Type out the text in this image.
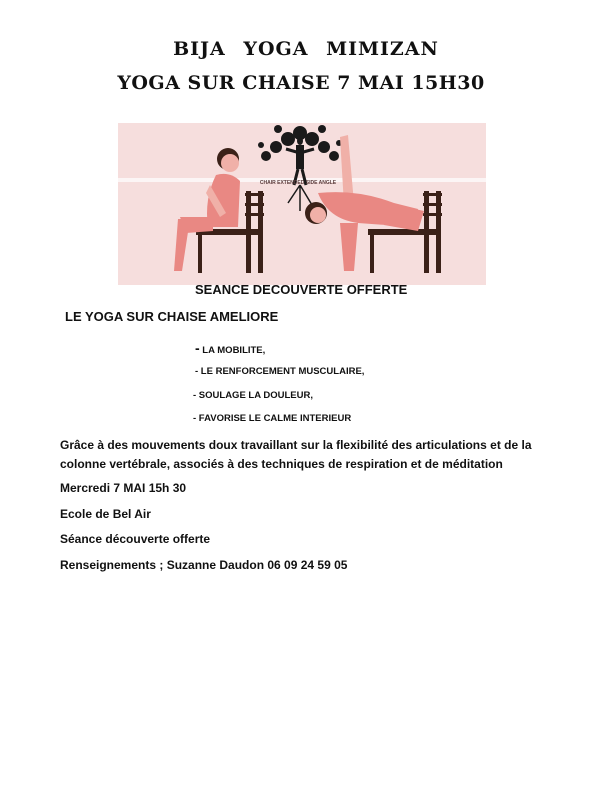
BIJA YOGA MIMIZAN
YOGA SUR CHAISE 7 MAI 15H30
CHAIR EXTENDED SIDE ANGLE
SEANCE DECOUVERTE OFFERTE
LE YOGA SUR CHAISE AMELIORE
- LA MOBILITE,
- LE RENFORCEMENT MUSCULAIRE,
- SOULAGE LA DOULEUR,
- FAVORISE LE CALME INTERIEUR
Grâce à des mouvements doux travaillant sur la flexibilité des articulations et de la colonne vertébrale, associés à des techniques de respiration et de méditation
Mercredi 7 MAI 15h 30
Ecole de Bel Air
Séance découverte offerte
Renseignements ; Suzanne Daudon 06 09 24 59 05
